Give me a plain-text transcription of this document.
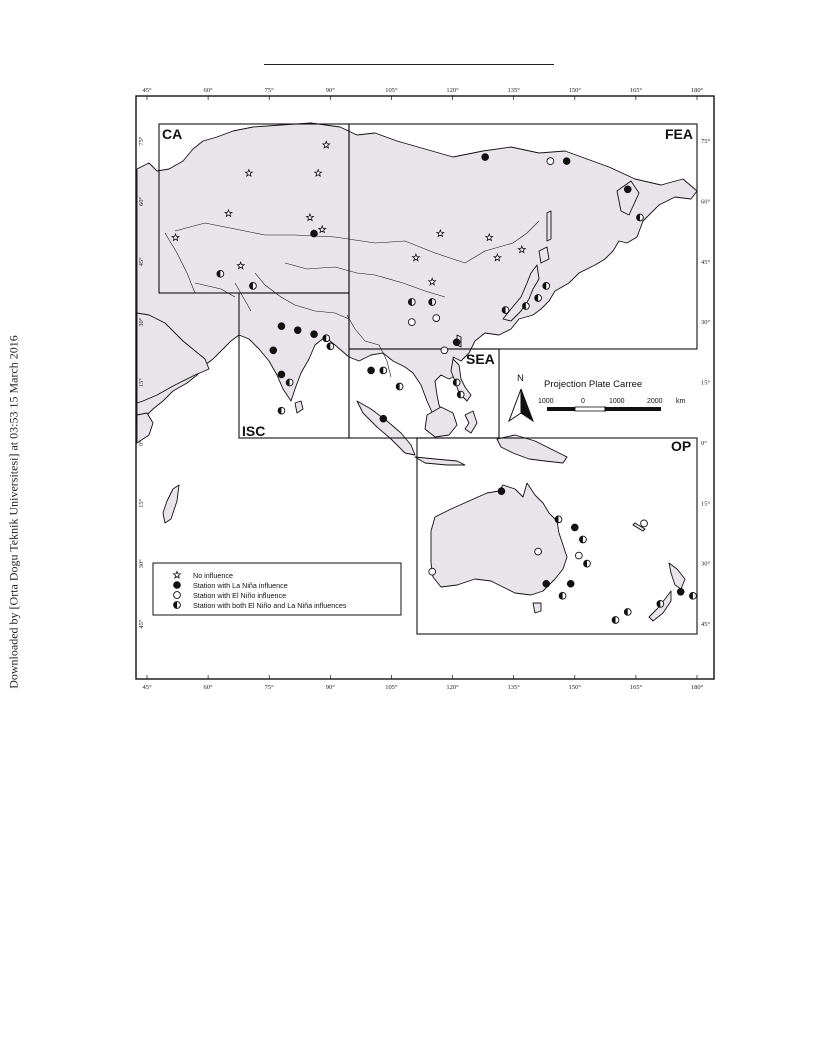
Downloaded by [Orta Dogu Teknik Universitesi] at 03:53 15 March 2016
CA	FEA
SEA
ISC
OP
N
Projection Plate Carree
1000	0	1000	2000 km
45°
45°
60°
60°
75°
75°
90°
90°
105°
105°
120°
120°
135°
135°
150°
150°
165°
165°
180°
180°
75°	75°
60°	60°
45°	45°
30°	30°
15°	15°
0°	0°
15°	15°
30°	30°
45°	45°
No influence
Station with La Niña influence
Station with El Niño influence
Station with both El Niño and La Niña influences
